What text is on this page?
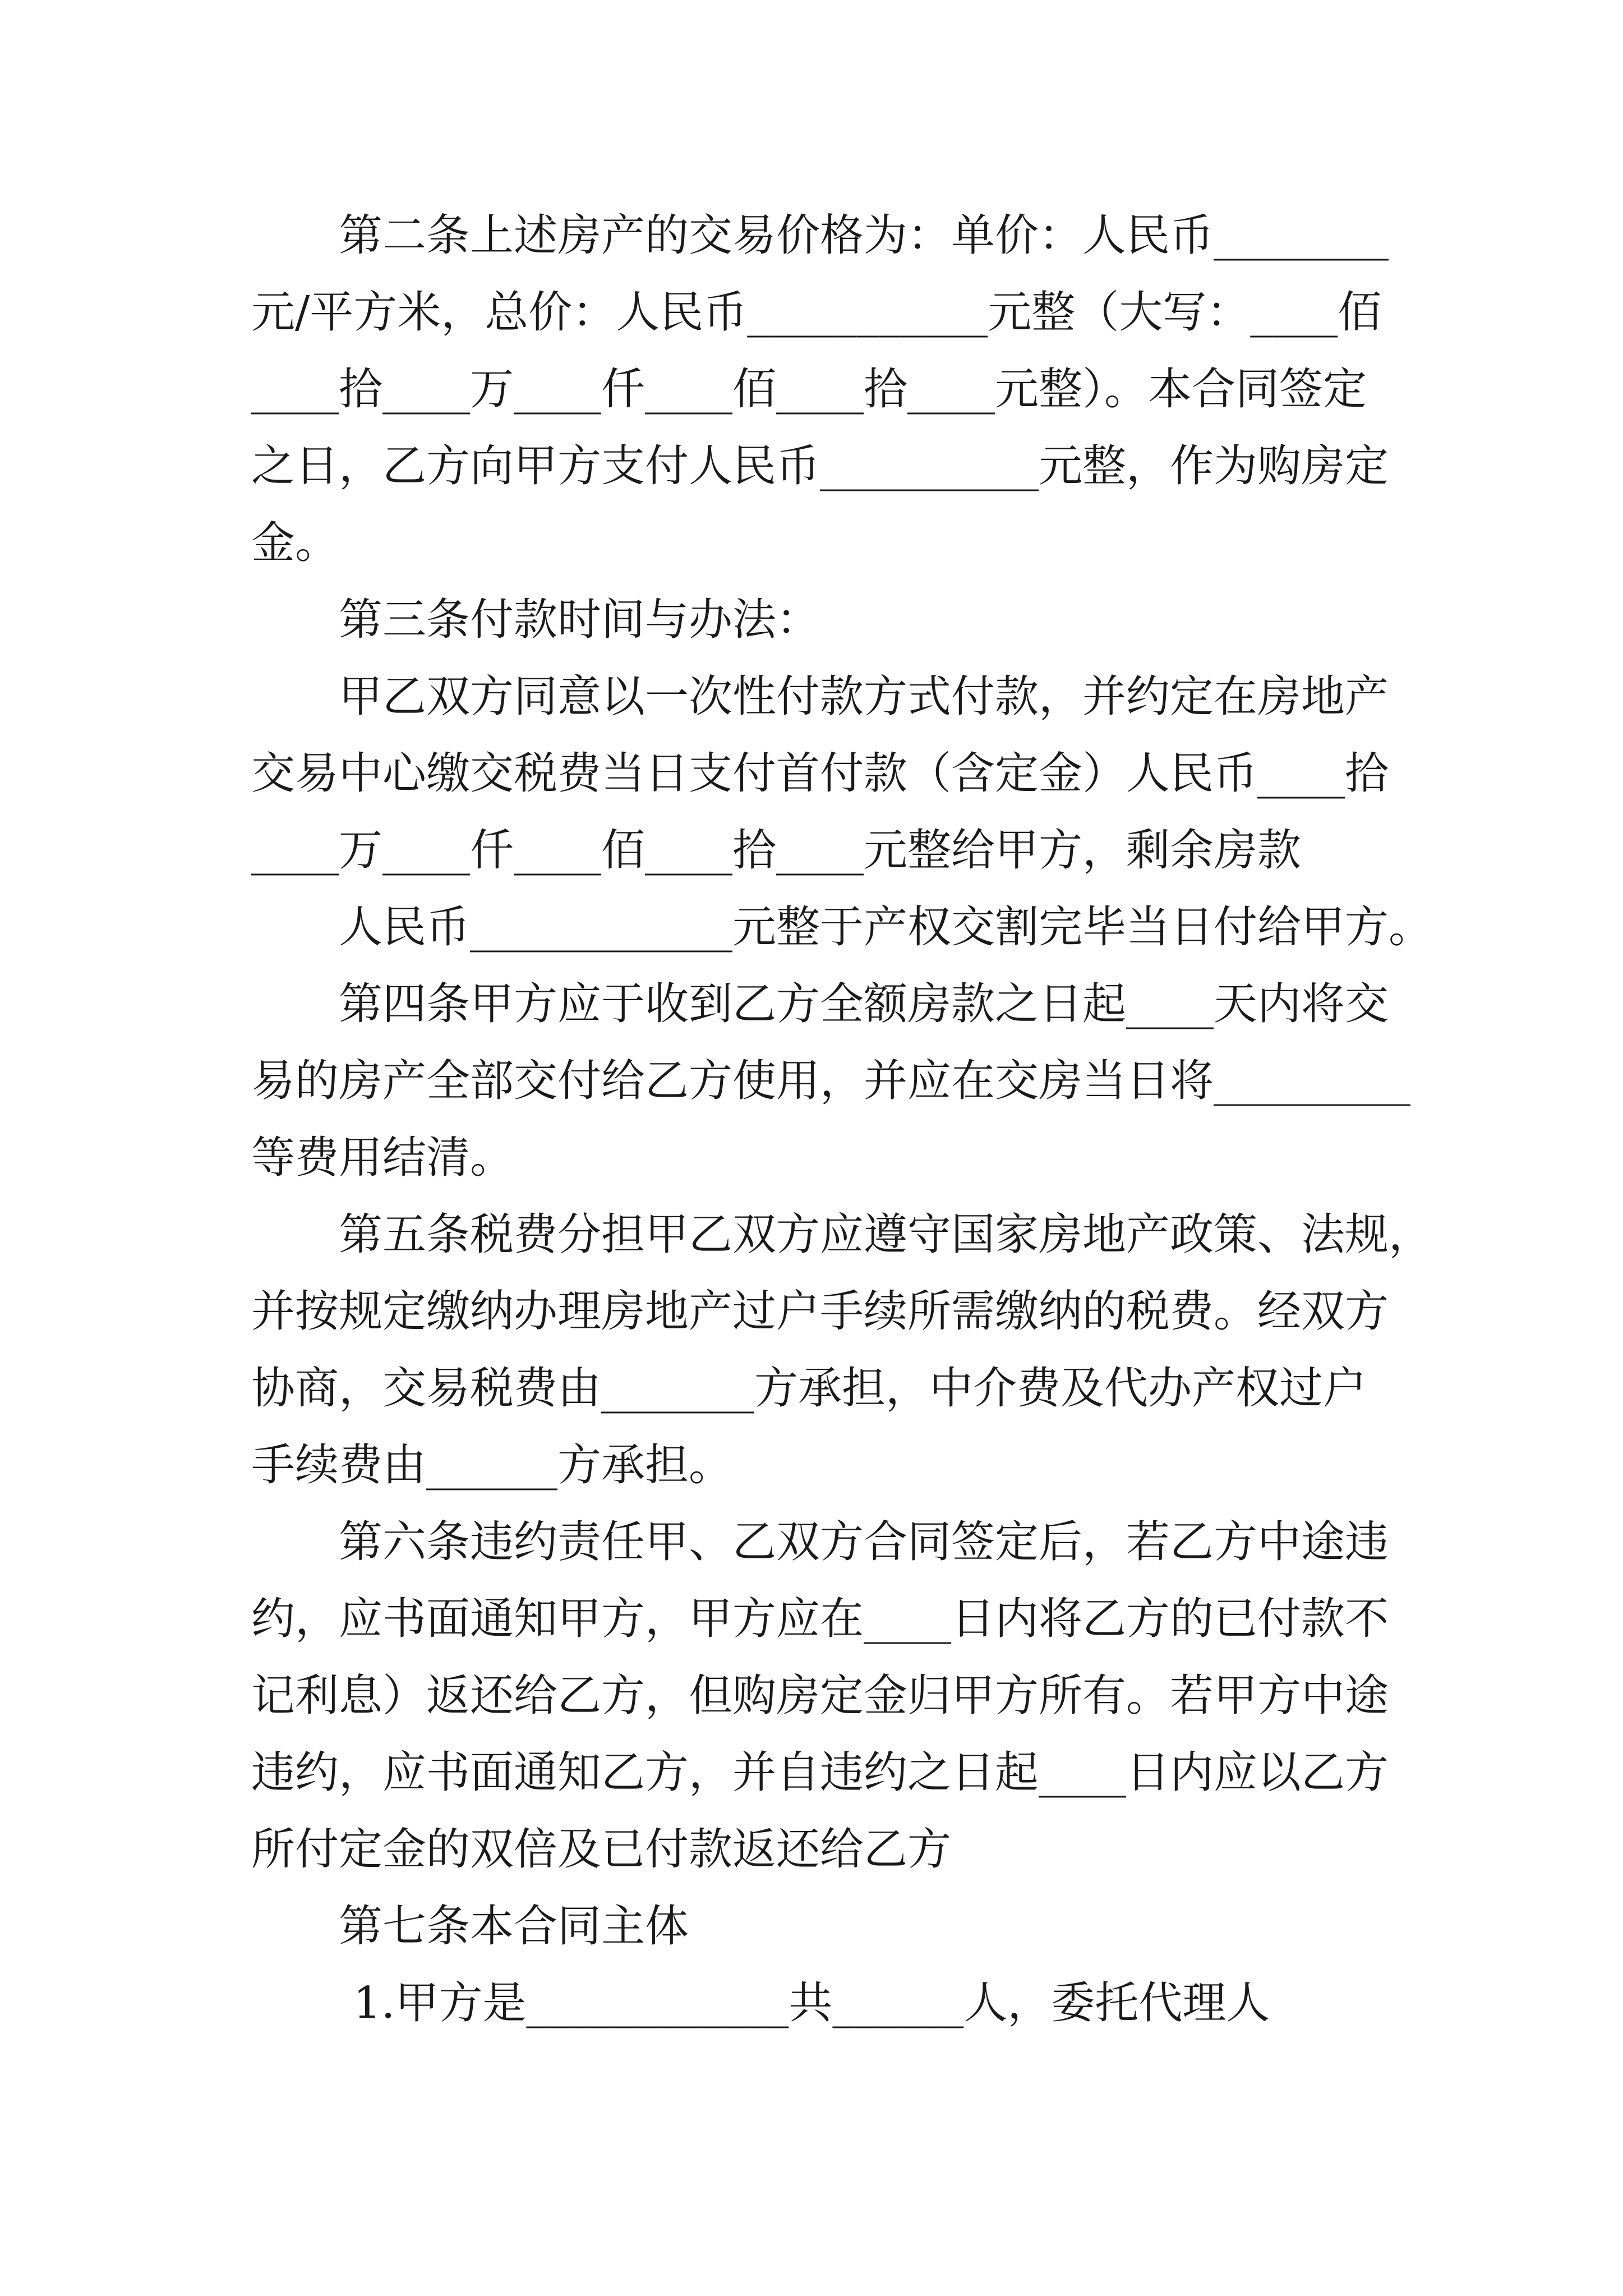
第二条上述房产的交易价格为：单价：人民币________
元/平方米，总价：人民币___________元整（大写：____佰
____拾____万____仟____佰____拾____元整）。本合同签定
之日，乙方向甲方支付人民币__________元整，作为购房定
金。
第三条付款时间与办法：
甲乙双方同意以一次性付款方式付款，并约定在房地产
交易中心缴交税费当日支付首付款（含定金）人民币____拾
____万____仟____佰____拾____元整给甲方，剩余房款
人民币____________元整于产权交割完毕当日付给甲方。
第四条甲方应于收到乙方全额房款之日起____天内将交
易的房产全部交付给乙方使用，并应在交房当日将_________
等费用结清。
第五条税费分担甲乙双方应遵守国家房地产政策、法规，
并按规定缴纳办理房地产过户手续所需缴纳的税费。经双方
协商，交易税费由_______方承担，中介费及代办产权过户
手续费由______方承担。
第六条违约责任甲、乙双方合同签定后，若乙方中途违
约，应书面通知甲方，甲方应在____日内将乙方的已付款不
记利息）返还给乙方，但购房定金归甲方所有。若甲方中途
违约，应书面通知乙方，并自违约之日起____日内应以乙方
所付定金的双倍及已付款返还给乙方
第七条本合同主体
1.甲方是____________共______人，委托代理人
